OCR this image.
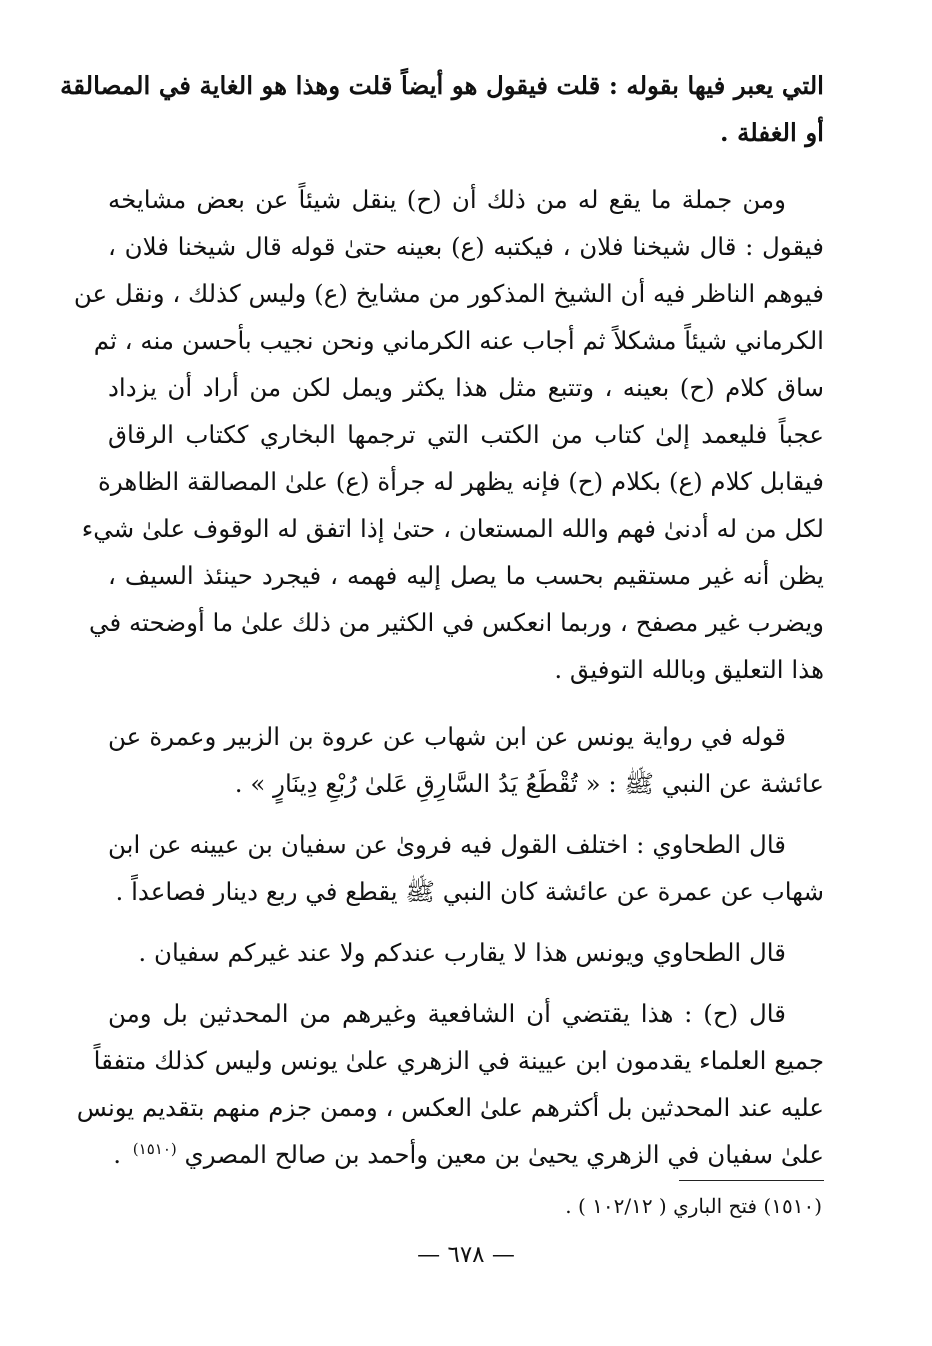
التي يعبر فيها بقوله : قلت فيقول هو أيضاً قلت وهذا هو الغاية في المصالقة
أو الغفلة .

ومن جملة ما يقع له من ذلك أن (ح) ينقل شيئاً عن بعض مشايخه
فيقول : قال شيخنا فلان ، فيكتبه (ع) بعينه حتىٰ قوله قال شيخنا فلان ،
فيوهم الناظر فيه أن الشيخ المذكور من مشايخ (ع) وليس كذلك ، ونقل عن
الكرماني شيئاً مشكلاً ثم أجاب عنه الكرماني ونحن نجيب بأحسن منه ، ثم
ساق كلام (ح) بعينه ، وتتبع مثل هذا يكثر ويمل لكن من أراد أن يزداد
عجباً فليعمد إلىٰ كتاب من الكتب التي ترجمها البخاري ككتاب الرقاق
فيقابل كلام (ع) بكلام (ح) فإنه يظهر له جرأة (ع) علىٰ المصالقة الظاهرة
لكل من له أدنىٰ فهم والله المستعان ، حتىٰ إذا اتفق له الوقوف علىٰ شيء
يظن أنه غير مستقيم بحسب ما يصل إليه فهمه ، فيجرد حينئذ السيف ،
ويضرب غير مصفح ، وربما انعكس في الكثير من ذلك علىٰ ما أوضحته في
هذا التعليق وبالله التوفيق .

قوله في رواية يونس عن ابن شهاب عن عروة بن الزبير وعمرة عن
عائشة عن النبي ﷺ : « تُقْطَعُ يَدُ السَّارِقِ عَلىٰ رُبْعِ دِينَارٍ » .

قال الطحاوي : اختلف القول فيه فروىٰ عن سفيان بن عيينه عن ابن
شهاب عن عمرة عن عائشة كان النبي ﷺ يقطع في ربع دينار فصاعداً .

قال الطحاوي ويونس هذا لا يقارب عندكم ولا عند غيركم سفيان .

قال (ح) : هذا يقتضي أن الشافعية وغيرهم من المحدثين بل ومن
جميع العلماء يقدمون ابن عيينة في الزهري علىٰ يونس وليس كذلك متفقاً
عليه عند المحدثين بل أكثرهم علىٰ العكس ، وممن جزم منهم بتقديم يونس
علىٰ سفيان في الزهري يحيىٰ بن معين وأحمد بن صالح المصري $^{(١٥١٠)}$ .

(١٥١٠) فتح الباري ( ١٠٢/١٢ ) .
— ٦٧٨ —
